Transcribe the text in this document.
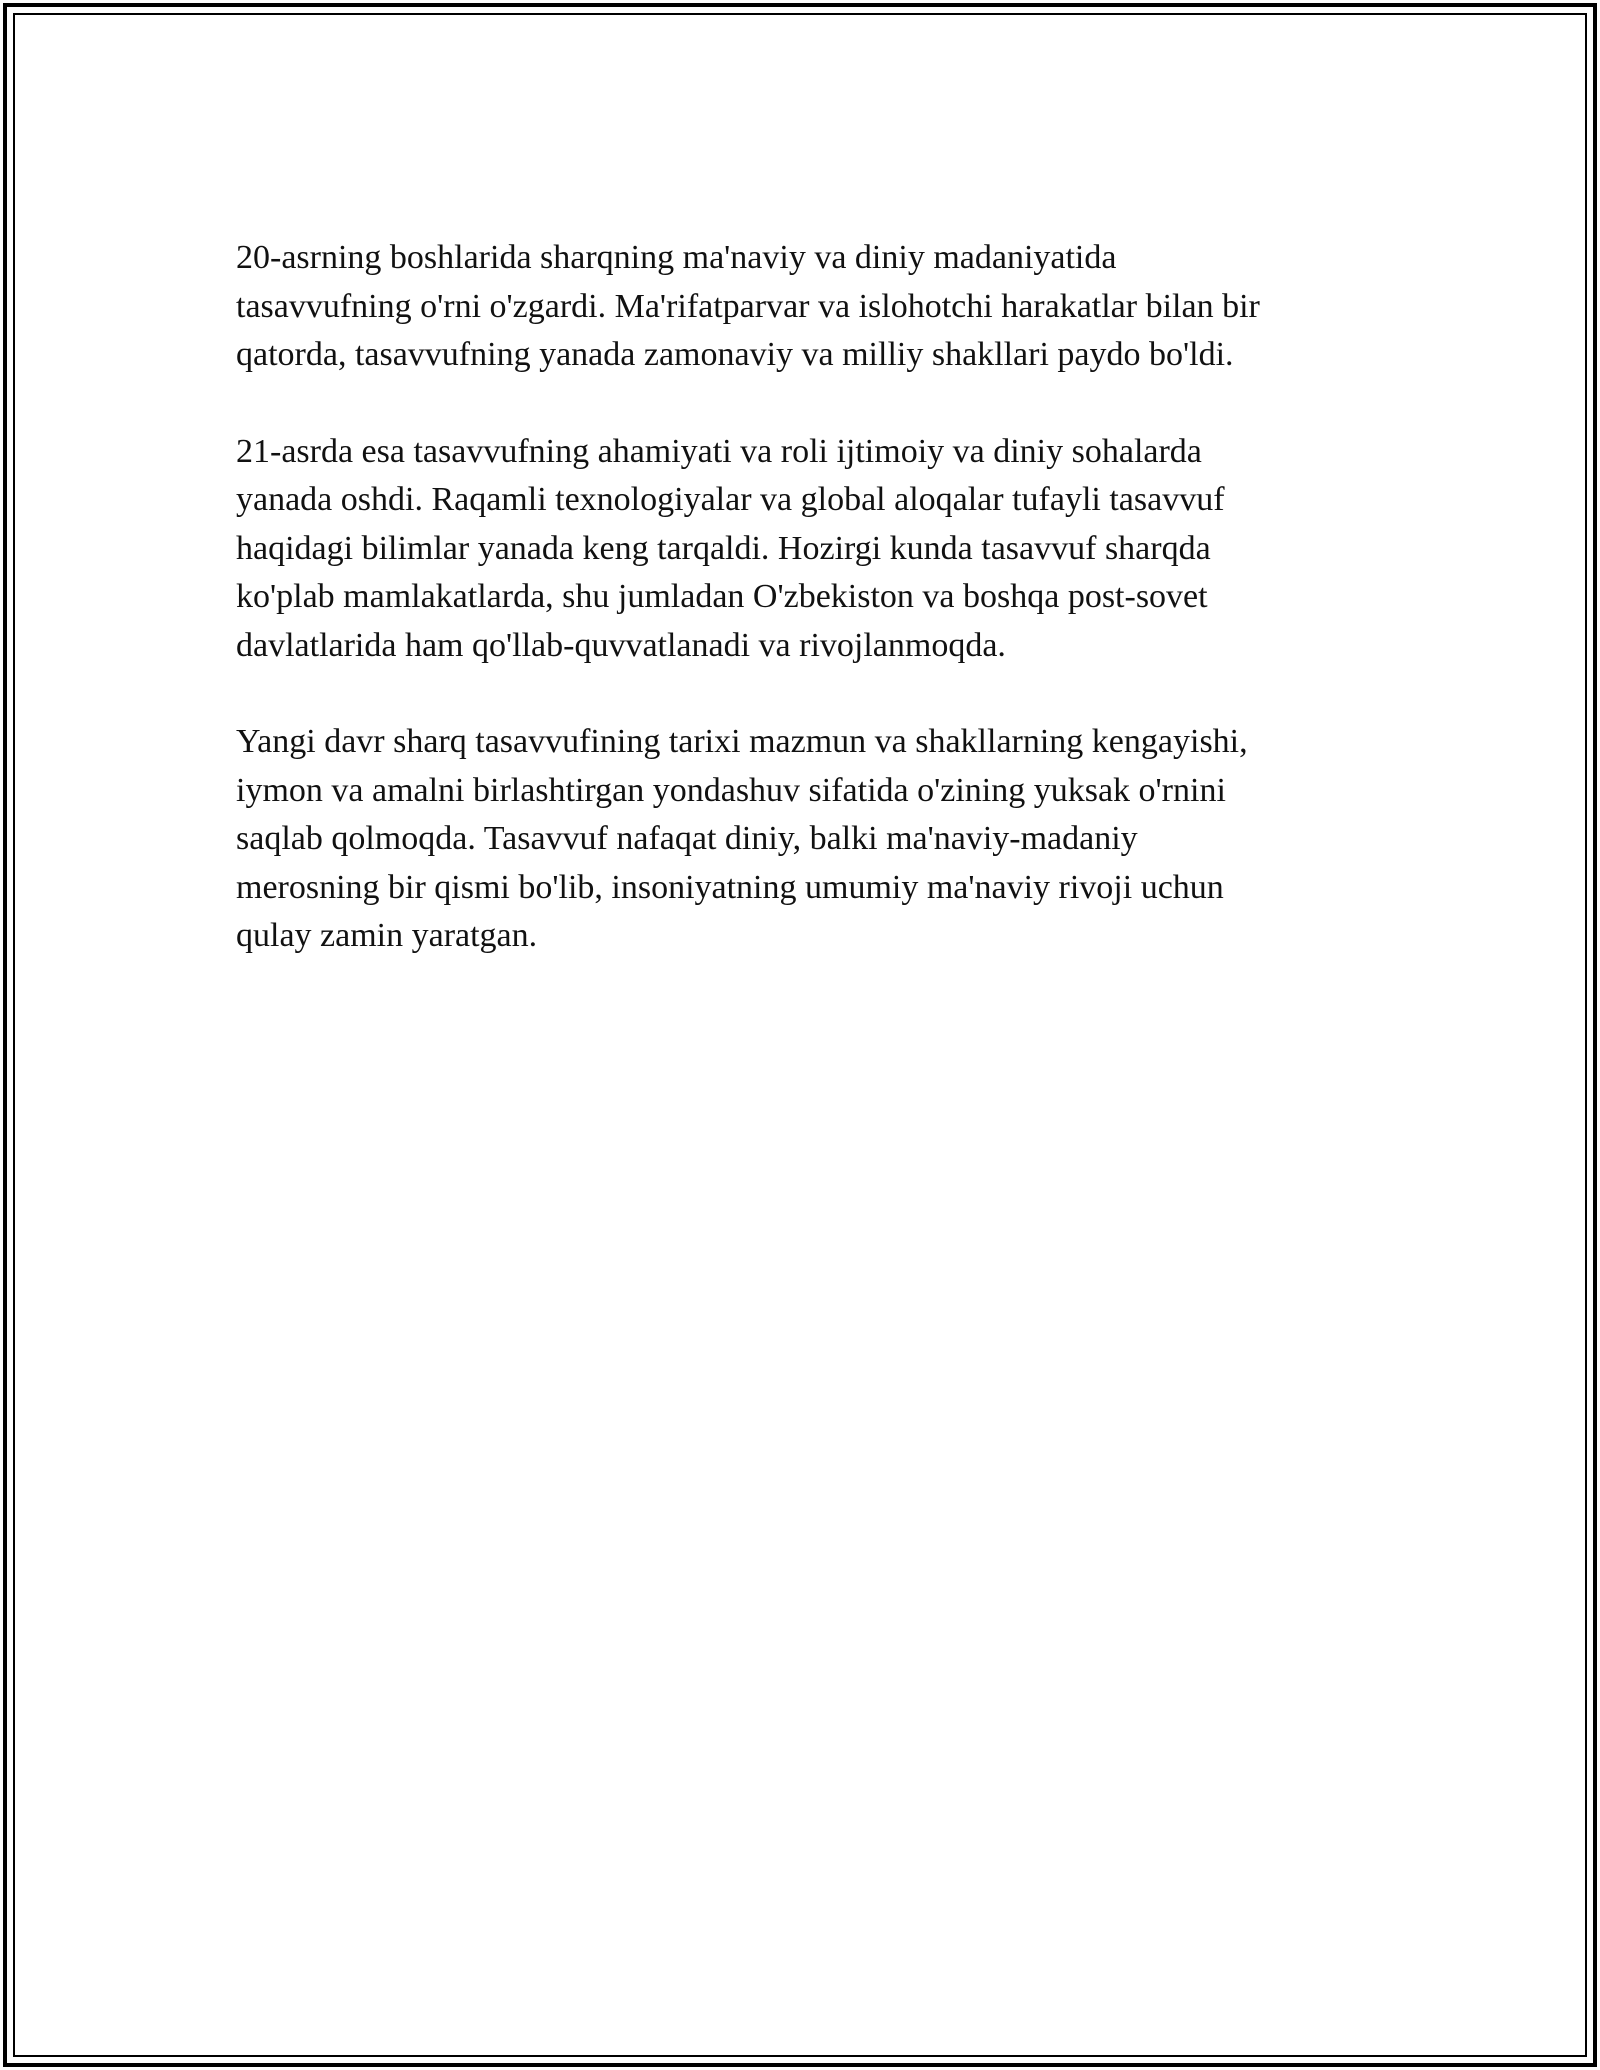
20-asrning boshlarida sharqning ma'naviy va diniy madaniyatida
tasavvufning o'rni o'zgardi. Ma'rifatparvar va islohotchi harakatlar bilan bir
qatorda, tasavvufning yanada zamonaviy va milliy shakllari paydo bo'ldi.

21-asrda esa tasavvufning ahamiyati va roli ijtimoiy va diniy sohalarda
yanada oshdi. Raqamli texnologiyalar va global aloqalar tufayli tasavvuf
haqidagi bilimlar yanada keng tarqaldi. Hozirgi kunda tasavvuf sharqda
ko'plab mamlakatlarda, shu jumladan O'zbekiston va boshqa post-sovet
davlatlarida ham qo'llab-quvvatlanadi va rivojlanmoqda.

Yangi davr sharq tasavvufining tarixi mazmun va shakllarning kengayishi,
iymon va amalni birlashtirgan yondashuv sifatida o'zining yuksak o'rnini
saqlab qolmoqda. Tasavvuf nafaqat diniy, balki ma'naviy-madaniy
merosning bir qismi bo'lib, insoniyatning umumiy ma'naviy rivoji uchun
qulay zamin yaratgan.
